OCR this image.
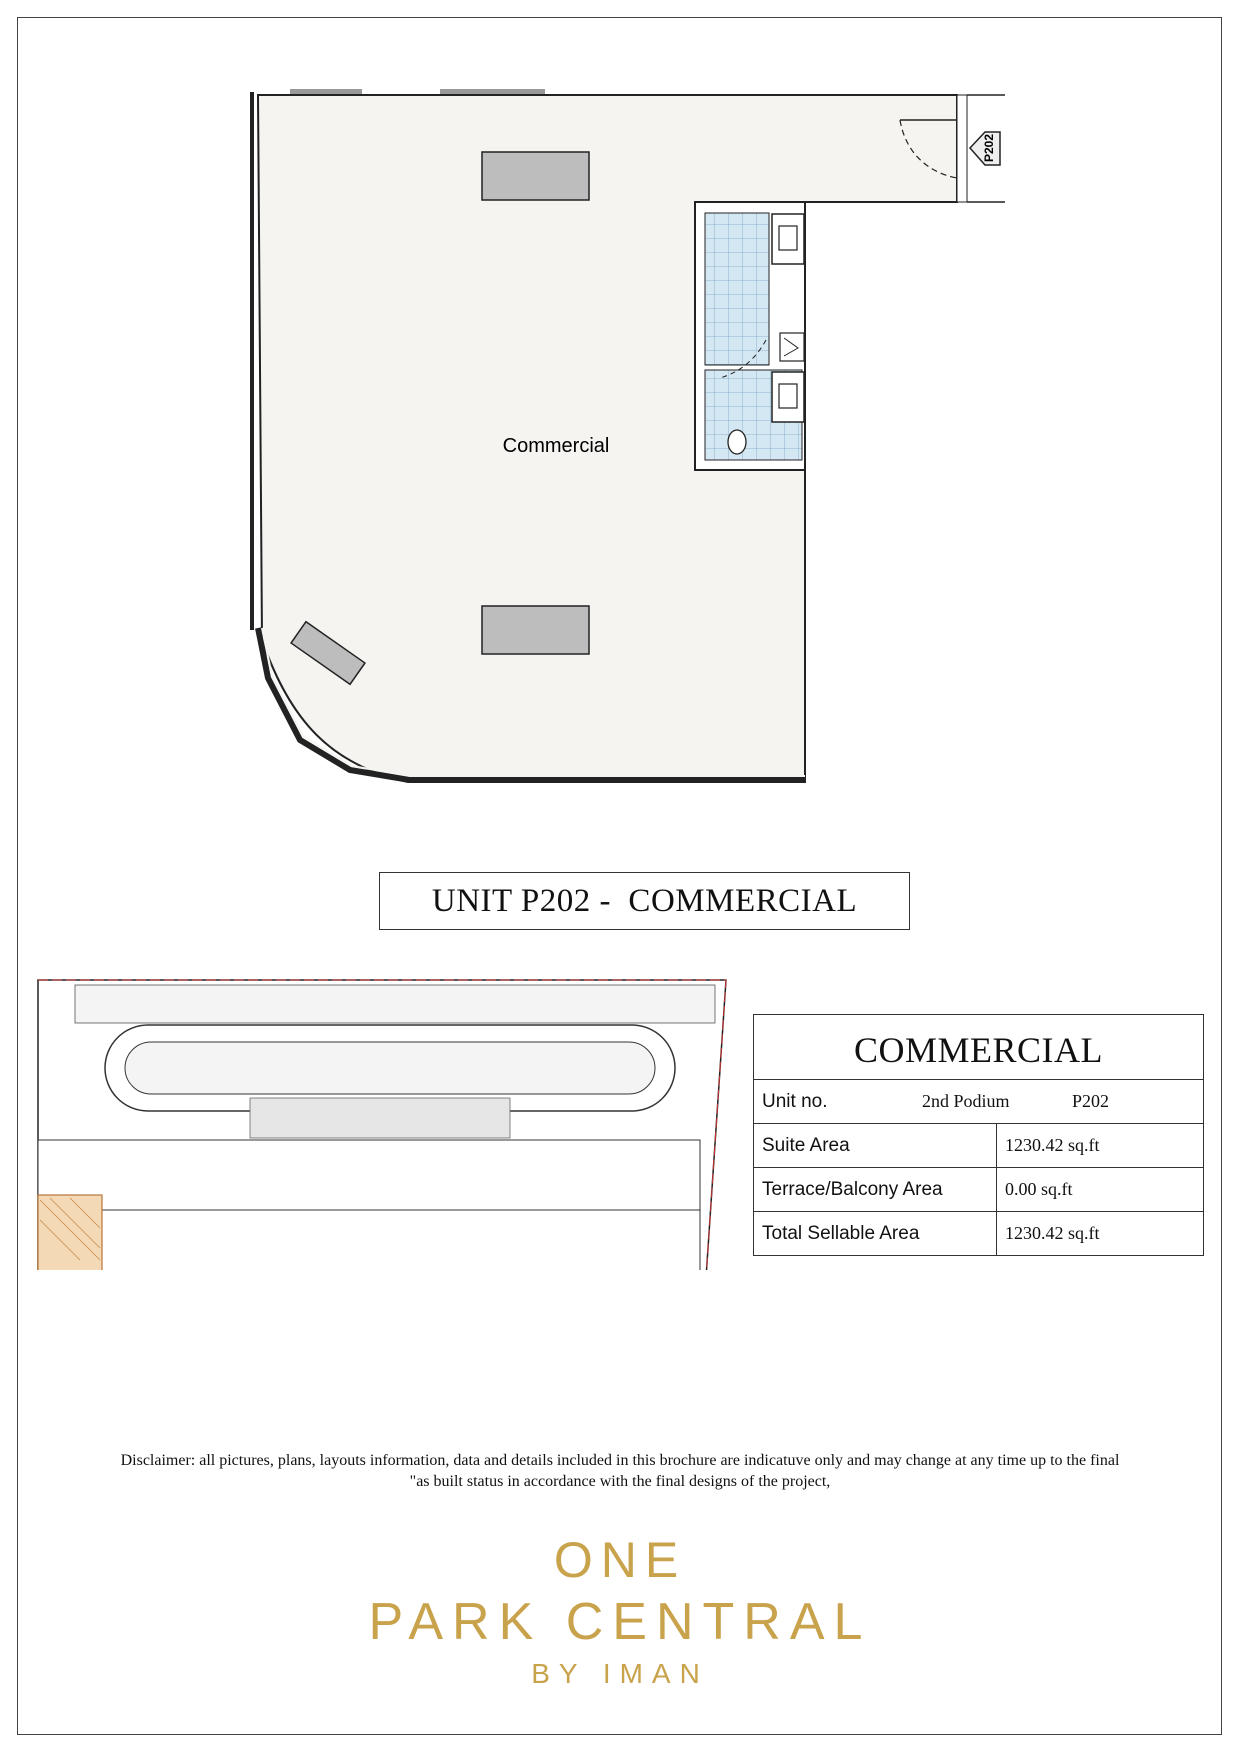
P202
Commercial
UNIT P202 -  COMMERCIAL
COMMERCIAL	

Unit no. 2nd Podium P202	

Suite Area	1230.42 sq.ft
Terrace/Balcony Area	0.00 sq.ft
Total Sellable Area	1230.42 sq.ft
Disclaimer: all pictures, plans, layouts information, data and details included in this brochure are indicatuve only and may change at any time up to the final
"as built status in accordance with the final designs of the project,
ONE
PARK CENTRAL
BY IMAN
